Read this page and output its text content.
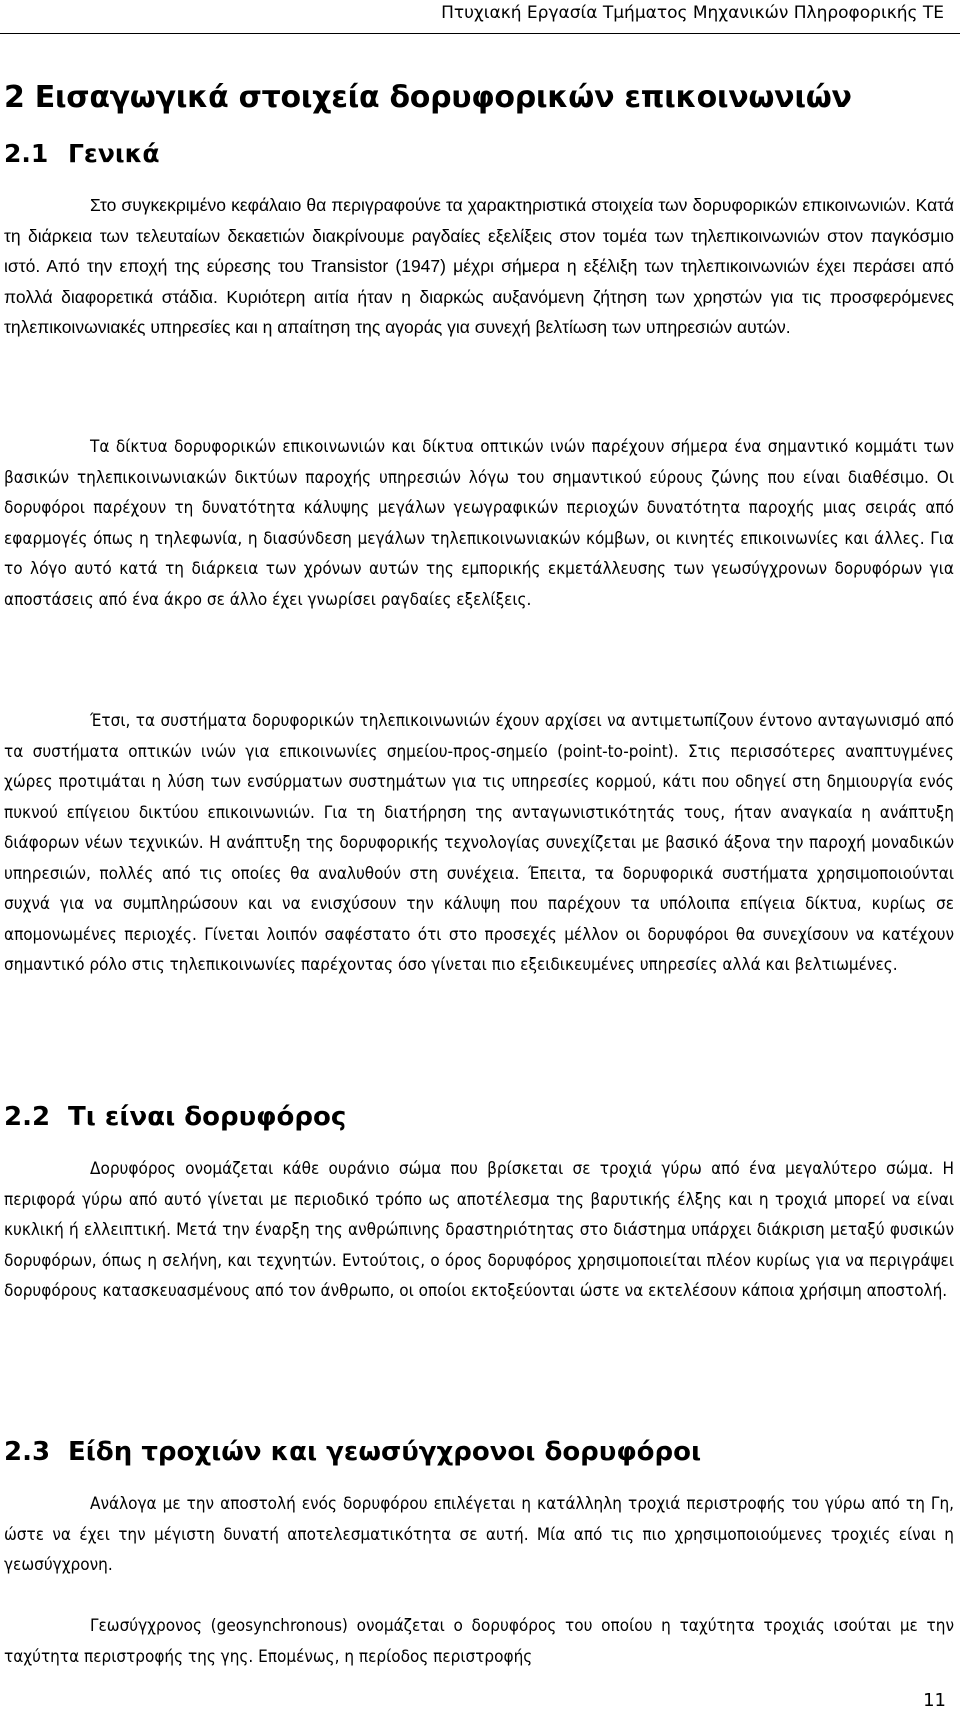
Πτυχιακή Εργασία Τμήματος Μηχανικών Πληροφορικής ΤΕ
2 Εισαγωγικά στοιχεία δορυφορικών επικοινωνιών
2.1 Γενικά

Στο συγκεκριμένο κεφάλαιο θα περιγραφούνε τα χαρακτηριστικά στοιχεία των δορυφορικών επικοινωνιών. Κατά τη διάρκεια των τελευταίων δεκαετιών διακρίνουμε ραγδαίες εξελίξεις στον τομέα των τηλεπικοινωνιών στον παγκόσμιο ιστό. Από την εποχή της εύρεσης του Transistor (1947) μέχρι σήμερα η εξέλιξη των τηλεπικοινωνιών έχει περάσει από πολλά διαφορετικά στάδια. Κυριότερη αιτία ήταν η διαρκώς αυξανόμενη ζήτηση των χρηστών για τις προσφερόμενες τηλεπικοινωνιακές υπηρεσίες και η απαίτηση της αγοράς για συνεχή βελτίωση των υπηρεσιών αυτών.

Τα δίκτυα δορυφορικών επικοινωνιών και δίκτυα οπτικών ινών παρέχουν σήμερα ένα σημαντικό κομμάτι των βασικών τηλεπικοινωνιακών δικτύων παροχής υπηρεσιών λόγω του σημαντικού εύρους ζώνης που είναι διαθέσιμο. Οι δορυφόροι παρέχουν τη δυνατότητα κάλυψης μεγάλων γεωγραφικών περιοχών δυνατότητα παροχής μιας σειράς από εφαρμογές όπως η τηλεφωνία, η διασύνδεση μεγάλων τηλεπικοινωνιακών κόμβων, οι κινητές επικοινωνίες και άλλες. Για το λόγο αυτό κατά τη διάρκεια των χρόνων αυτών της εμπορικής εκμετάλλευσης των γεωσύγχρονων δορυφόρων για αποστάσεις από ένα άκρο σε άλλο έχει γνωρίσει ραγδαίες εξελίξεις.

Έτσι, τα συστήματα δορυφορικών τηλεπικοινωνιών έχουν αρχίσει να αντιμετωπίζουν έντονο ανταγωνισμό από τα συστήματα οπτικών ινών για επικοινωνίες σημείου-προς-σημείο (point-to-point). Στις περισσότερες αναπτυγμένες χώρες προτιμάται η λύση των ενσύρματων συστημάτων για τις υπηρεσίες κορμού, κάτι που οδηγεί στη δημιουργία ενός πυκνού επίγειου δικτύου επικοινωνιών. Για τη διατήρηση της ανταγωνιστικότητάς τους, ήταν αναγκαία η ανάπτυξη διάφορων νέων τεχνικών. Η ανάπτυξη της δορυφορικής τεχνολογίας συνεχίζεται με βασικό άξονα την παροχή μοναδικών υπηρεσιών, πολλές από τις οποίες θα αναλυθούν στη συνέχεια. Έπειτα, τα δορυφορικά συστήματα χρησιμοποιούνται συχνά για να συμπληρώσουν και να ενισχύσουν την κάλυψη που παρέχουν τα υπόλοιπα επίγεια δίκτυα, κυρίως σε απομονωμένες περιοχές. Γίνεται λοιπόν σαφέστατο ότι στο προσεχές μέλλον οι δορυφόροι θα συνεχίσουν να κατέχουν σημαντικό ρόλο στις τηλεπικοινωνίες παρέχοντας όσο γίνεται πιο εξειδικευμένες υπηρεσίες αλλά και βελτιωμένες.

2.2 Τι είναι δορυφόρος

Δορυφόρος ονομάζεται κάθε ουράνιο σώμα που βρίσκεται σε τροχιά γύρω από ένα μεγαλύτερο σώμα. Η περιφορά γύρω από αυτό γίνεται με περιοδικό τρόπο ως αποτέλεσμα της βαρυτικής έλξης και η τροχιά μπορεί να είναι κυκλική ή ελλειπτική. Μετά την έναρξη της ανθρώπινης δραστηριότητας στο διάστημα υπάρχει διάκριση μεταξύ φυσικών δορυφόρων, όπως η σελήνη, και τεχνητών. Εντούτοις, ο όρος δορυφόρος χρησιμοποιείται πλέον κυρίως για να περιγράψει δορυφόρους κατασκευασμένους από τον άνθρωπο, οι οποίοι εκτοξεύονται ώστε να εκτελέσουν κάποια χρήσιμη αποστολή.

2.3 Είδη τροχιών και γεωσύγχρονοι δορυφόροι

Ανάλογα με την αποστολή ενός δορυφόρου επιλέγεται η κατάλληλη τροχιά περιστροφής του γύρω από τη Γη, ώστε να έχει την μέγιστη δυνατή αποτελεσματικότητα σε αυτή. Μία από τις πιο χρησιμοποιούμενες τροχιές είναι η γεωσύγχρονη.

Γεωσύγχρονος (geosynchronous) ονομάζεται ο δορυφόρος του οποίου η ταχύτητα τροχιάς ισούται με την ταχύτητα περιστροφής της γης. Επομένως, η περίοδος περιστροφής

11
